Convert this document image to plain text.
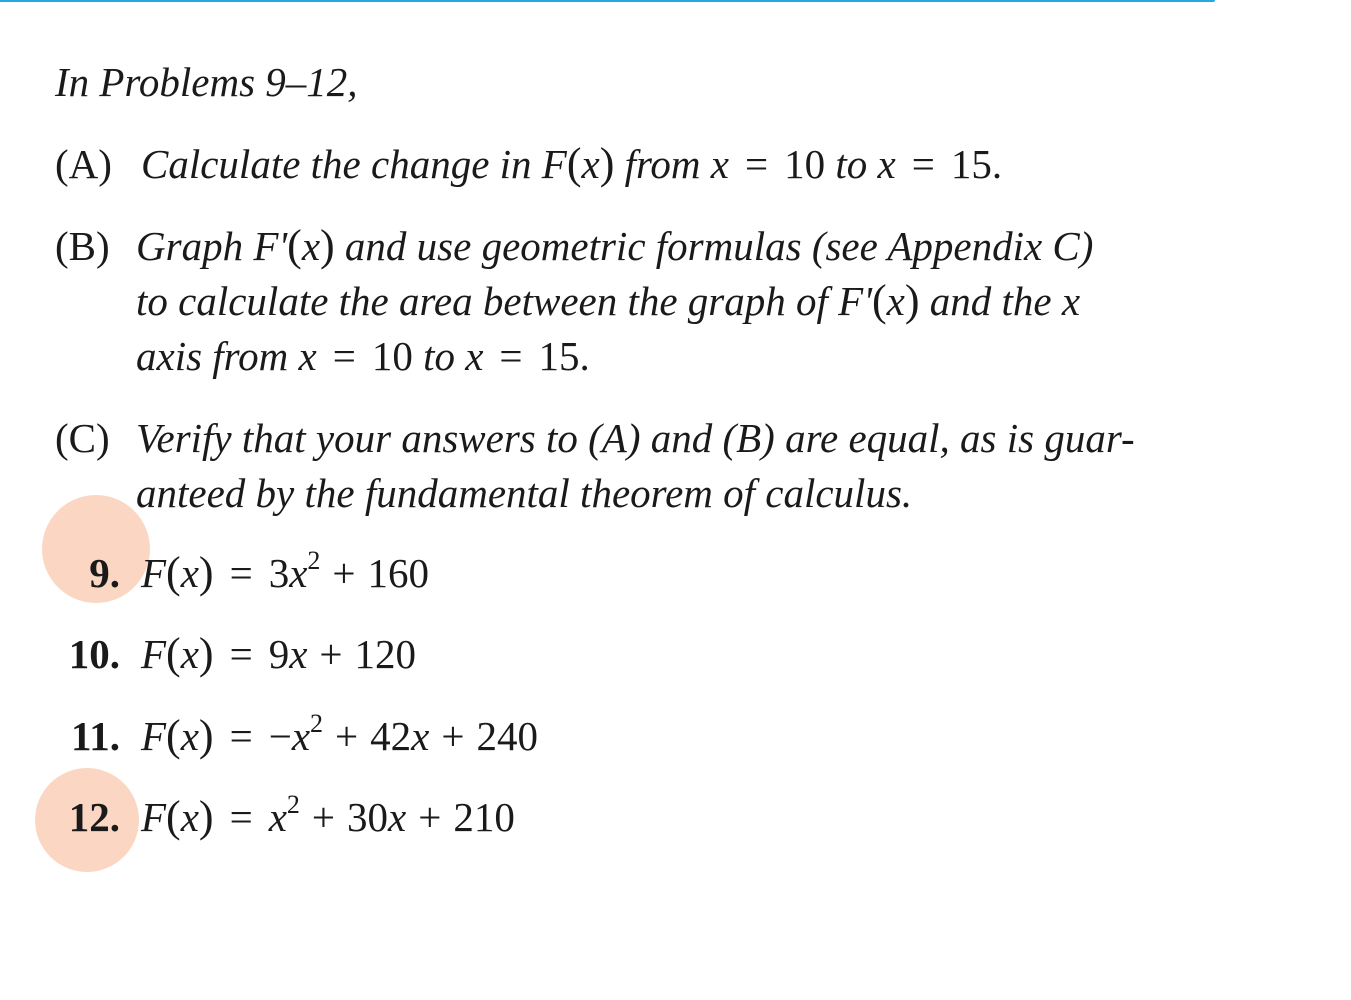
In Problems 9–12,
(A) Calculate the change in F(x) from x = 10 to x = 15.
(B) Graph F'(x) and use geometric formulas (see Appendix C)
to calculate the area between the graph of F'(x) and the x
axis from x = 10 to x = 15.
(C) Verify that your answers to (A) and (B) are equal, as is guar-
anteed by the fundamental theorem of calculus.
9. $F(x) = 3x^2 + 160$
10. F(x) = 9x + 120
11. $F(x) = -x^2 + 42x + 240$
12. $F(x) = x^2 + 30x + 210$
